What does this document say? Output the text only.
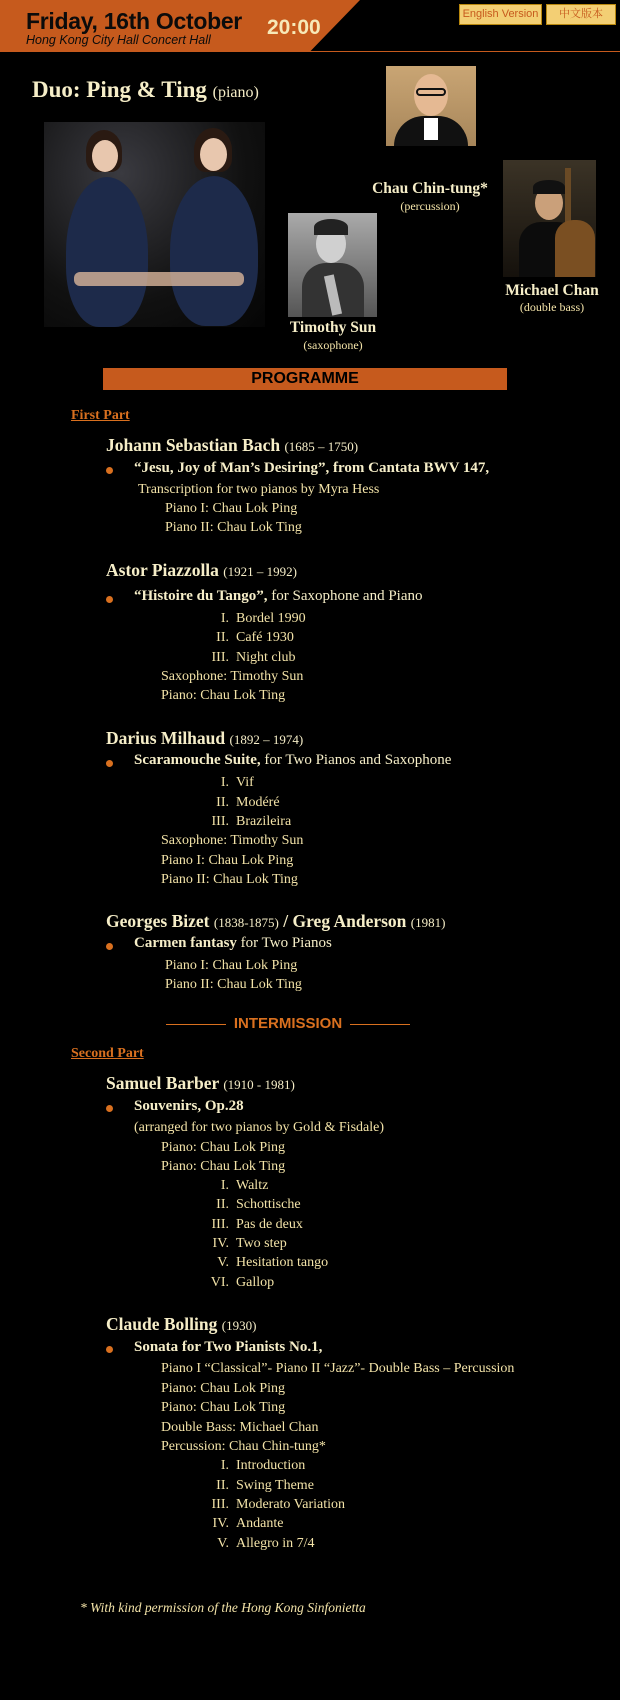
Friday, 16th October
Hong Kong City Hall Concert Hall
20:00
English Version	中文版本
Duo: Ping & Ting (piano)
Chau Chin-tung*
(percussion)
Timothy Sun
(saxophone)
Michael Chan
(double bass)
PROGRAMME
First Part
Johann Sebastian Bach (1685 – 1750)
“Jesu, Joy of Man’s Desiring”, from Cantata BWV 147,
Transcription for two pianos by Myra Hess
Piano I: Chau Lok Ping
Piano II: Chau Lok Ting
Astor Piazzolla (1921 – 1992)
“Histoire du Tango”, for Saxophone and Piano
I. Bordel 1990
II. Café 1930
III. Night club
Saxophone: Timothy Sun
Piano: Chau Lok Ting
Darius Milhaud (1892 – 1974)
Scaramouche Suite, for Two Pianos and Saxophone
I. Vif
II. Modéré
III. Brazileira
Saxophone: Timothy Sun
Piano I: Chau Lok Ping
Piano II: Chau Lok Ting
Georges Bizet (1838-1875) / Greg Anderson (1981)
Carmen fantasy for Two Pianos
Piano I: Chau Lok Ping
Piano II: Chau Lok Ting
INTERMISSION
Second Part
Samuel Barber (1910 - 1981)
Souvenirs, Op.28
(arranged for two pianos by Gold & Fisdale)
Piano: Chau Lok Ping
Piano: Chau Lok Ting
I. Waltz
II. Schottische
III. Pas de deux
IV. Two step
V. Hesitation tango
VI. Gallop
Claude Bolling (1930)
Sonata for Two Pianists No.1,
Piano I “Classical”- Piano II “Jazz”- Double Bass – Percussion
Piano: Chau Lok Ping
Piano: Chau Lok Ting
Double Bass: Michael Chan
Percussion: Chau Chin-tung*
I. Introduction
II. Swing Theme
III. Moderato Variation
IV. Andante
V. Allegro in 7/4
* With kind permission of the Hong Kong Sinfonietta
